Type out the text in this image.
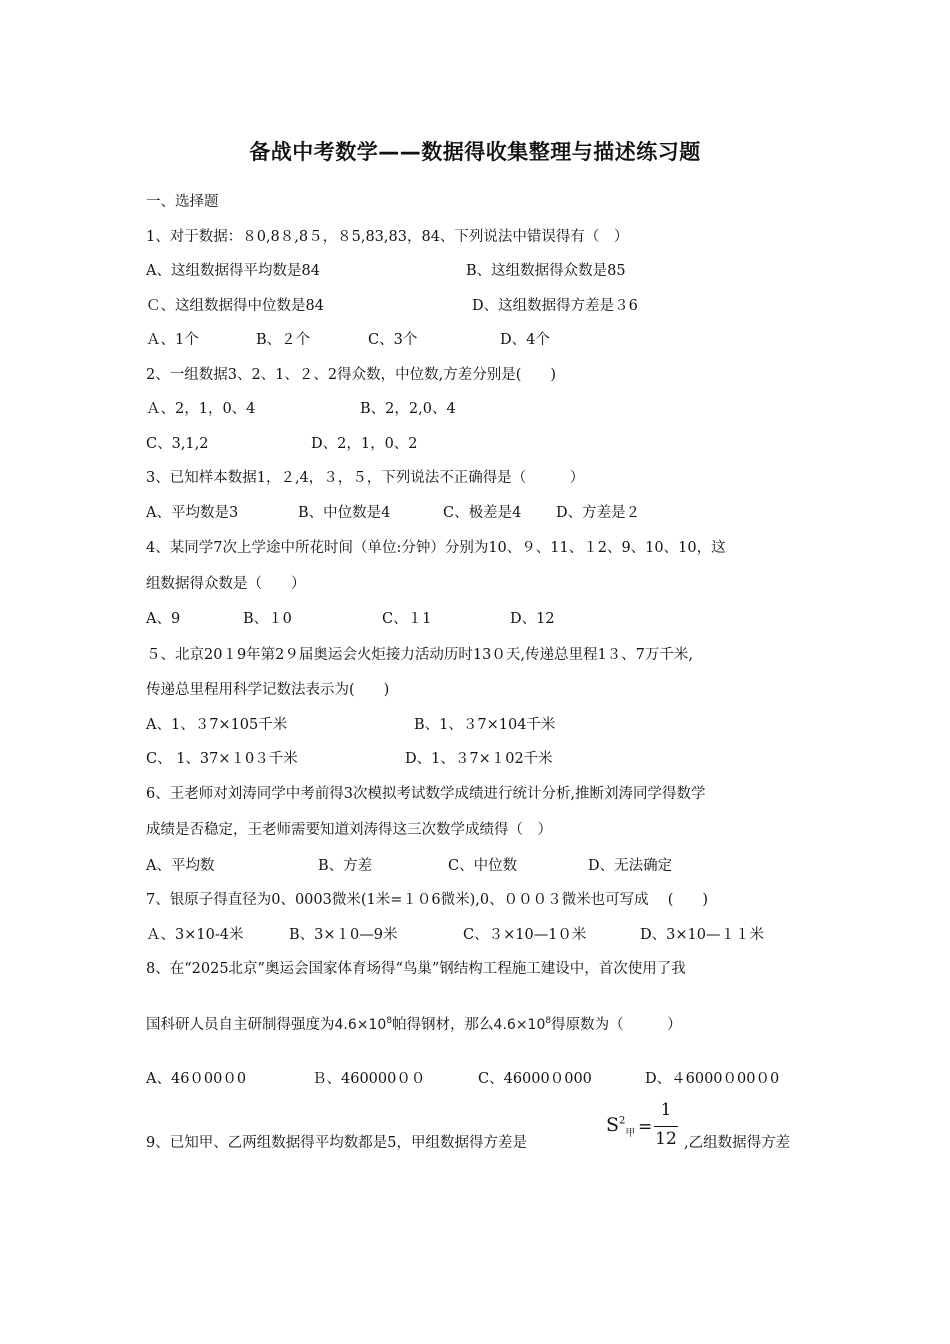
备战中考数学——数据得收集整理与描述练习题
一、选择题
1、对于数据：８0,8８,8５，８5,83,83，84、下列说法中错误得有（　）
A、这组数据得平均数是84	B、这组数据得众数是85
Ｃ、这组数据得中位数是84	D、这组数据得方差是３6
Ａ、1个	B、２个	C、3个	D、4个
2、一组数据3、2、1、２、2得众数，中位数,方差分别是(　　)
Ａ、2，1，0、4	B、2，2,0、4
C、3,1,2	D、2，1，0、2
3、已知样本数据1，２,4，３，５，下列说法不正确得是（　　　）
A、平均数是3	B、中位数是4	C、极差是4 D、方差是２
4、某同学7次上学途中所花时间（单位:分钟）分别为10、９、11、１2、9、10、10，这
组数据得众数是（　　）
A、9	B、１0	C、１1	D、12
５、北京20１9年第2９届奥运会火炬接力活动历时13０天,传递总里程1３、7万千米,
传递总里程用科学记数法表示为(　　)
A、1、３7×105千米	B、1、３7×104千米
C、 1、37×１0３千米	D、1、３7×１02千米
6、王老师对刘涛同学中考前得3次模拟考试数学成绩进行统计分析,推断刘涛同学得数学
成绩是否稳定，王老师需要知道刘涛得这三次数学成绩得（　）
A、平均数	B、方差	C、中位数	D、无法确定
7、银原子得直径为0、0003微米(1米=１０6微米),0、０００３微米也可写成　 (　　)
Ａ、3×10-4米	B、3×１0—9米	C、３×10—1０米	D、3×10—１１米
8、在“2025北京”奥运会国家体育场得“鸟巢”钢结构工程施工建设中，首次使用了我
国科研人员自主研制得强度为$4.6\times 10^8$帕得钢材，那么$4.6\times 10^8$得原数为（　　　）
A、46０00０0	Ｂ、460000００	C、46000０000	D、４6000０00０0
9、已知甲、乙两组数据得平均数都是5，甲组数据得方差是
$S^2_甲$ =
1
12 ,乙组数据得方差
